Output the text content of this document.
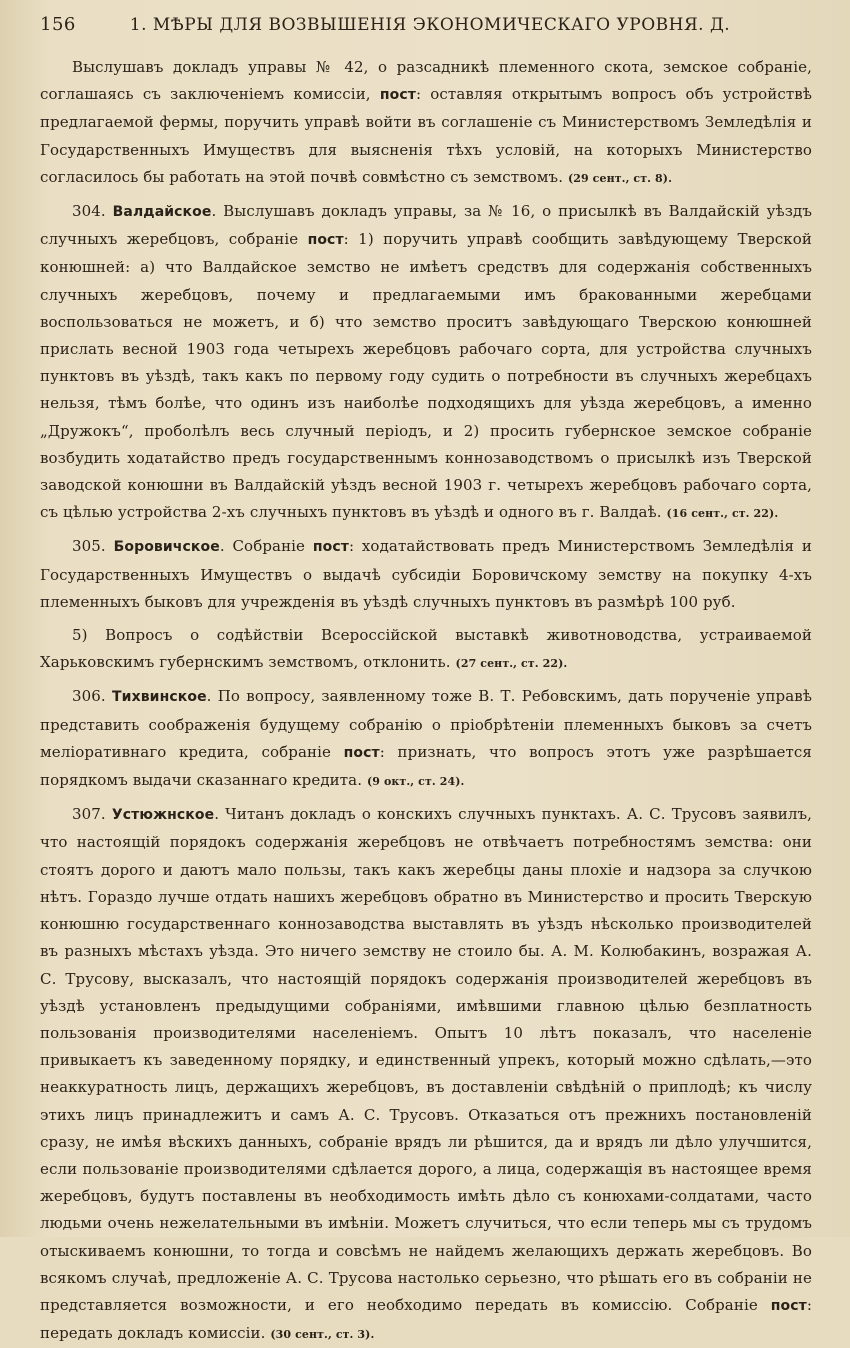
156	1. МѢРЫ ДЛЯ ВОЗВЫШЕНІЯ ЭКОНОМИЧЕСКАГО УРОВНЯ. Д.

Выслушавъ докладъ управы № 42, о разсадникѣ племенного скота, земское собраніе, соглашаясь съ заключеніемъ комиссіи, пост: оставляя открытымъ вопросъ объ устройствѣ предлагаемой фермы, поручить управѣ войти въ соглашеніе съ Министерствомъ Земледѣлія и Государственныхъ Имуществъ для выясненія тѣхъ условій, на которыхъ Министерство согласилось бы работать на этой почвѣ совмѣстно съ земствомъ. (29 сент., ст. 8).

304. Валдайское. Выслушавъ докладъ управы, за № 16, о присылкѣ въ Валдайскій уѣздъ случныхъ жеребцовъ, собраніе пост: 1) поручить управѣ сообщить завѣдующему Тверской конюшней: а) что Валдайское земство не имѣетъ средствъ для содержанія собственныхъ случныхъ жеребцовъ, почему и предлагаемыми имъ бракованными жеребцами воспользоваться не можетъ, и б) что земство проситъ завѣдующаго Тверскою конюшней прислать весной 1903 года четырехъ жеребцовъ рабочаго сорта, для устройства случныхъ пунктовъ въ уѣздѣ, такъ какъ по первому году судить о потребности въ случныхъ жеребцахъ нельзя, тѣмъ болѣе, что одинъ изъ наиболѣе подходящихъ для уѣзда жеребцовъ, а именно „Дружокъ“, проболѣлъ весь случный періодъ, и 2) просить губернское земское собраніе возбудить ходатайство предъ государственнымъ коннозаводствомъ о присылкѣ изъ Тверской заводской конюшни въ Валдайскій уѣздъ весной 1903 г. четырехъ жеребцовъ рабочаго сорта, съ цѣлью устройства 2-хъ случныхъ пунктовъ въ уѣздѣ и одного въ г. Валдаѣ. (16 сент., ст. 22).

305. Боровичское. Собраніе пост: ходатайствовать предъ Министерствомъ Земледѣлія и Государственныхъ Имуществъ о выдачѣ субсидіи Боровичскому земству на покупку 4-хъ племенныхъ быковъ для учрежденія въ уѣздѣ случныхъ пунктовъ въ размѣрѣ 100 руб.

5) Вопросъ о содѣйствіи Всероссійской выставкѣ животноводства, устраиваемой Харьковскимъ губернскимъ земствомъ, отклонить. (27 сент., ст. 22).

306. Тихвинское. По вопросу, заявленному тоже В. Т. Ребовскимъ, дать порученіе управѣ представить соображенія будущему собранію о пріобрѣтеніи племенныхъ быковъ за счетъ меліоративнаго кредита, собраніе пост: признать, что вопросъ этотъ уже разрѣшается порядкомъ выдачи сказаннаго кредита. (9 окт., ст. 24).

307. Устюжнское. Читанъ докладъ о конскихъ случныхъ пунктахъ. А. С. Трусовъ заявилъ, что настоящій порядокъ содержанія жеребцовъ не отвѣчаетъ потребностямъ земства: они стоятъ дорого и даютъ мало пользы, такъ какъ жеребцы даны плохіе и надзора за случкою нѣтъ. Гораздо лучше отдать нашихъ жеребцовъ обратно въ Министерство и просить Тверскую конюшню государственнаго коннозаводства выставлять въ уѣздъ нѣсколько производителей въ разныхъ мѣстахъ уѣзда. Это ничего земству не стоило бы. А. М. Колюбакинъ, возражая А. С. Трусову, высказалъ, что настоящій порядокъ содержанія производителей жеребцовъ въ уѣздѣ установленъ предыдущими собраніями, имѣвшими главною цѣлью безплатность пользованія производителями населеніемъ. Опытъ 10 лѣтъ показалъ, что населеніе привыкаетъ къ заведенному порядку, и единственный упрекъ, который можно сдѣлать,—это неаккуратность лицъ, держащихъ жеребцовъ, въ доставленіи свѣдѣній о приплодѣ; къ числу этихъ лицъ принадлежитъ и самъ А. С. Трусовъ. Отказаться отъ прежнихъ постановленій сразу, не имѣя вѣскихъ данныхъ, собраніе врядъ ли рѣшится, да и врядъ ли дѣло улучшится, если пользованіе производителями сдѣлается дорого, а лица, содержащія въ настоящее время жеребцовъ, будутъ поставлены въ необходимость имѣть дѣло съ конюхами-солдатами, часто людьми очень нежелательными въ имѣніи. Можетъ случиться, что если теперь мы съ трудомъ отыскиваемъ конюшни, то тогда и совсѣмъ не найдемъ желающихъ держать жеребцовъ. Во всякомъ случаѣ, предложеніе А. С. Трусова настолько серьезно, что рѣшать его въ собраніи не представляется возможности, и его необходимо передать въ комиссію. Собраніе пост: передать докладъ комиссіи. (30 сент., ст. 3).
